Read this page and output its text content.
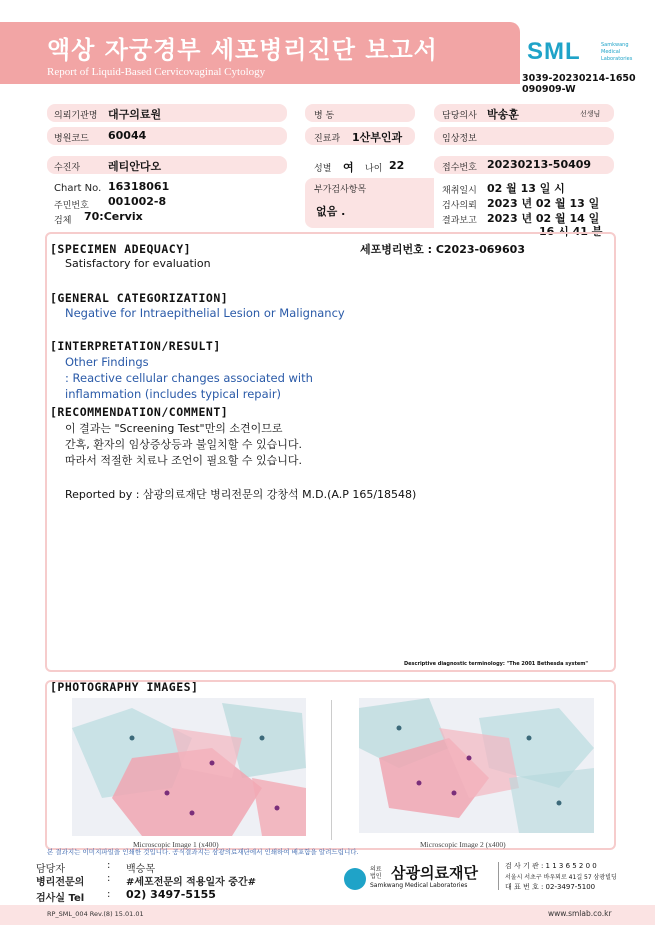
액상 자궁경부 세포병리진단 보고서
Report of Liquid-Based Cervicovaginal Cytology
SML	Samkwang Medical Laboratories
3039-20230214-1650
090909-W
의뢰기관명 대구의료원	병 동	담당의사 박송훈	선생님
병원코드 60044	진료과 1산부인과	임상정보
수진자	레티안다오	성별 여 나이 22	접수번호 20230213-50409
Chart No. 16318061
주민번호 001002-8
검체 70:Cervix
부가검사항목
없음 .
채취일시 02 월 13 일 시
검사의뢰 2023 년 02 월 13 일
결과보고 2023 년 02 월 14 일
16 시 41 분
[SPECIMEN ADEQUACY]	세포병리번호 : C2023-069603
Satisfactory for evaluation
[GENERAL CATEGORIZATION]
Negative for Intraepithelial Lesion or Malignancy
[INTERPRETATION/RESULT]
Other Findings
: Reactive cellular changes associated with
inflammation (includes typical repair)
[RECOMMENDATION/COMMENT]
이 결과는 "Screening Test"만의 소견이므로
간혹, 환자의 임상증상등과 불일치할 수 있습니다.
따라서 적절한 치료나 조언이 필요할 수 있습니다.
Reported by : 삼광의료재단 병리전문의 강창석 M.D.(A.P 165/18548)
Descriptive diagnostic terminology: "The 2001 Bethesda system"
[PHOTOGRAPHY IMAGES]
Microscopic Image 1 (x400)	Microscopic Image 2 (x400)
본 결과지는 이미지파일을 인쇄한 것입니다. 공식결과지는 삼광의료재단에서 인쇄하여 배포함을 알려드립니다.
담당자	: 백승목
병리전문의 : #세포전문의 적용일자 중간#
검사실 Tel : 02) 3497-5155
의료 법인 삼광의료재단
Samkwang Medical Laboratories
검 사 기 관 : 1 1 3 6 5 2 0 0
서울시 서초구 바우뫼로 41길 57 삼광빌딩
대 표 번 호 : 02-3497-5100
RP_SML_004 Rev.(8) 15.01.01	www.smlab.co.kr
